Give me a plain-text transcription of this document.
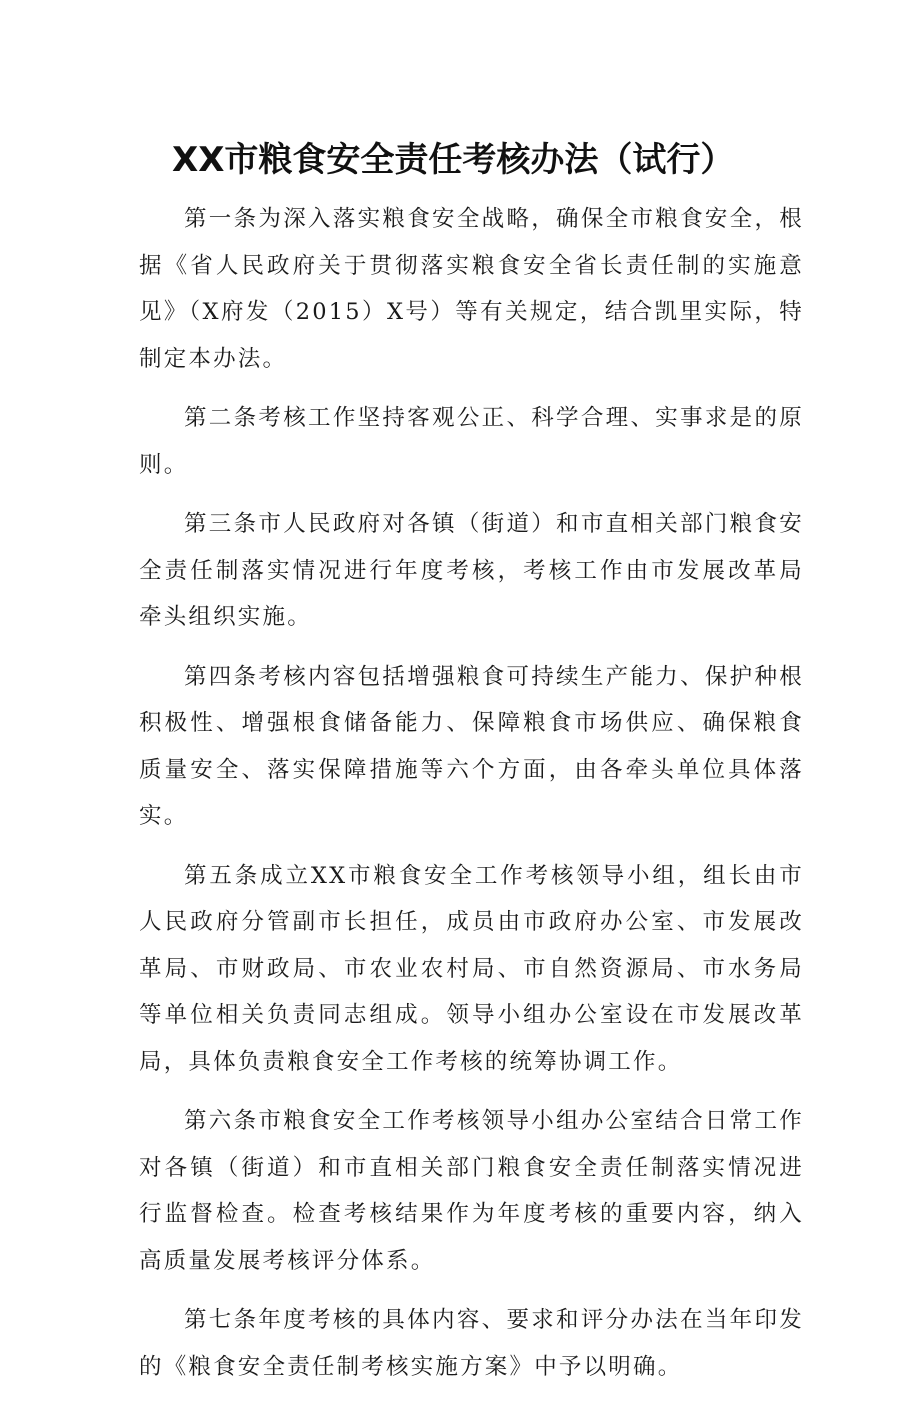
XX市粮食安全责任考核办法（试行）

第一条为深入落实粮食安全战略，确保全市粮食安全，根据《省人民政府关于贯彻落实粮食安全省长责任制的实施意见》（X府发（2015）X号）等有关规定，结合凯里实际，特制定本办法。

第二条考核工作坚持客观公正、科学合理、实事求是的原则。

第三条市人民政府对各镇（街道）和市直相关部门粮食安全责任制落实情况进行年度考核，考核工作由市发展改革局牵头组织实施。

第四条考核内容包括增强粮食可持续生产能力、保护种根积极性、增强根食储备能力、保障粮食市场供应、确保粮食质量安全、落实保障措施等六个方面，由各牵头单位具体落实。

第五条成立XX市粮食安全工作考核领导小组，组长由市人民政府分管副市长担任，成员由市政府办公室、市发展改革局、市财政局、市农业农村局、市自然资源局、市水务局等单位相关负责同志组成。领导小组办公室设在市发展改革局，具体负责粮食安全工作考核的统筹协调工作。

第六条市粮食安全工作考核领导小组办公室结合日常工作对各镇（街道）和市直相关部门粮食安全责任制落实情况进行监督检查。检查考核结果作为年度考核的重要内容，纳入高质量发展考核评分体系。

第七条年度考核的具体内容、要求和评分办法在当年印发的《粮食安全责任制考核实施方案》中予以明确。
